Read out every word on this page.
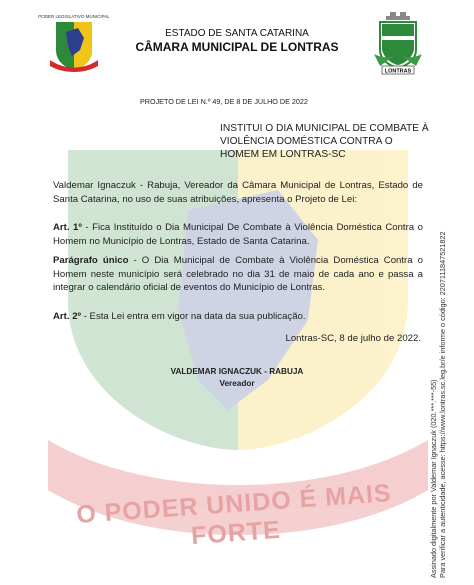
O PODER UNIDO É MAIS FORTE
PODER LEGISLATIVO MUNICIPAL
LONTRAS
ESTADO DE SANTA CATARINA
CÂMARA MUNICIPAL DE LONTRAS
PROJETO DE LEI N.º 49, DE 8 DE JULHO DE 2022
INSTITUI O DIA MUNICIPAL DE COMBATE À VIOLÊNCIA DOMÉSTICA CONTRA O HOMEM EM LONTRAS-SC
Valdemar Ignaczuk - Rabuja, Vereador da Câmara Municipal de Lontras, Estado de Santa Catarina, no uso de suas atribuições, apresenta o Projeto de Lei:
Art. 1º - Fica Instituído o Dia Municipal De Combate à Violência Doméstica Contra o Homem no Município de Lontras, Estado de Santa Catarina.
Parágrafo único - O Dia Municipal de Combate à Violência Doméstica Contra o Homem neste município será celebrado no dia 31 de maio de cada ano e passa a integrar o calendário oficial de eventos do Município de Lontras.
Art. 2º - Esta Lei entra em vigor na data da sua publicação.
Lontras-SC, 8 de julho de 2022.
VALDEMAR IGNACZUK - RABUJA
Vereador	Assinado digitalmente por Valdemar Ignaczuk (020.***.***-55) Para verificar a autenticidade, acesse: https://www.lontras.sc.leg.br/e informe o código: 2207111847521822
